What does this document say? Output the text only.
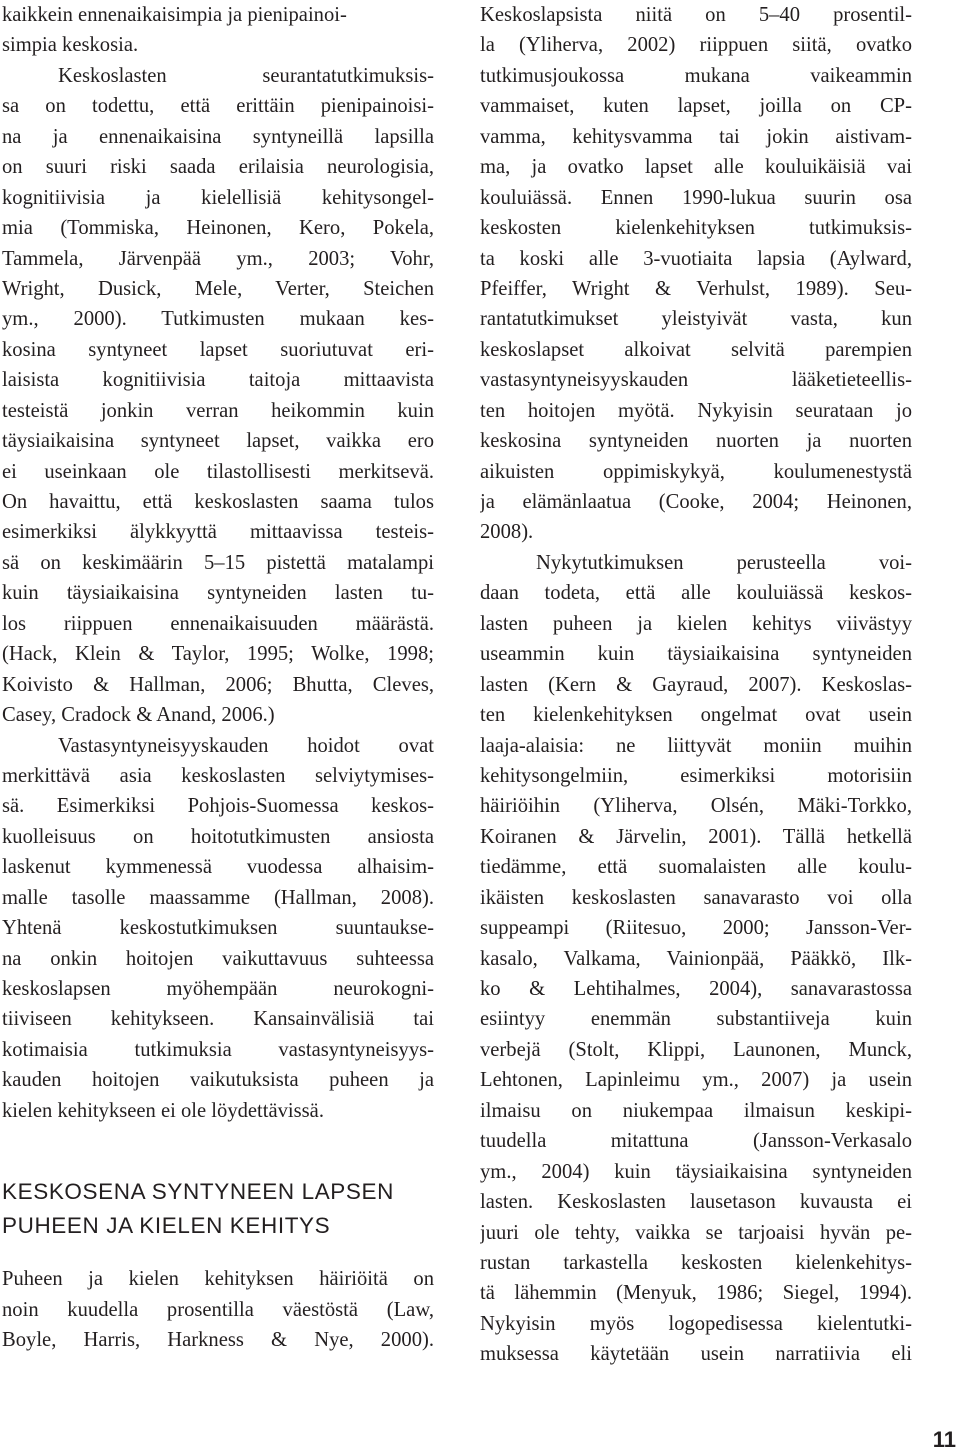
kaikkein ennenaikaisimpia ja pienipainoi-
simpia keskosia.
Keskoslasten seurantatutkimuksis-
sa on todettu, että erittäin pienipainoisi-
na ja ennenaikaisina syntyneillä lapsilla
on suuri riski saada erilaisia neurologisia,
kognitiivisia ja kielellisiä kehitysongel-
mia (Tommiska, Heinonen, Kero, Pokela,
Tammela, Järvenpää ym., 2003; Vohr,
Wright, Dusick, Mele, Verter, Steichen
ym., 2000). Tutkimusten mukaan kes-
kosina syntyneet lapset suoriutuvat eri-
laisista kognitiivisia taitoja mittaavista
testeistä jonkin verran heikommin kuin
täysiaikaisina syntyneet lapset, vaikka ero
ei useinkaan ole tilastollisesti merkitsevä.
On havaittu, että keskoslasten saama tulos
esimerkiksi älykkyyttä mittaavissa testeis-
sä on keskimäärin 5–15 pistettä matalampi
kuin täysiaikaisina syntyneiden lasten tu-
los riippuen ennenaikaisuuden määrästä.
(Hack, Klein & Taylor, 1995; Wolke, 1998;
Koivisto & Hallman, 2006; Bhutta, Cleves,
Casey, Cradock & Anand, 2006.)
Vastasyntyneisyyskauden hoidot ovat
merkittävä asia keskoslasten selviytymises-
sä. Esimerkiksi Pohjois-Suomessa keskos-
kuolleisuus on hoitotutkimusten ansiosta
laskenut kymmenessä vuodessa alhaisim-
malle tasolle maassamme (Hallman, 2008).
Yhtenä keskostutkimuksen suuntaukse-
na onkin hoitojen vaikuttavuus suhteessa
keskoslapsen myöhempään neurokogni-
tiiviseen kehitykseen. Kansainvälisiä tai
kotimaisia tutkimuksia vastasyntyneisyys-
kauden hoitojen vaikutuksista puheen ja
kielen kehitykseen ei ole löydettävissä.
KESKOSENA SYNTYNEEN LAPSEN
PUHEEN JA KIELEN KEHITYS
Puheen ja kielen kehityksen häiriöitä on
noin kuudella prosentilla väestöstä (Law,
Boyle, Harris, Harkness & Nye, 2000).
Keskoslapsista niitä on 5–40 prosentil-
la (Yliherva, 2002) riippuen siitä, ovatko
tutkimusjoukossa mukana vaikeammin
vammaiset, kuten lapset, joilla on CP-
vamma, kehitysvamma tai jokin aistivam-
ma, ja ovatko lapset alle kouluikäisiä vai
kouluiässä. Ennen 1990-lukua suurin osa
keskosten kielenkehityksen tutkimuksis-
ta koski alle 3-vuotiaita lapsia (Aylward,
Pfeiffer, Wright & Verhulst, 1989). Seu-
rantatutkimukset yleistyivät vasta, kun
keskoslapset alkoivat selvitä parempien
vastasyntyneisyyskauden lääketieteellis-
ten hoitojen myötä. Nykyisin seurataan jo
keskosina syntyneiden nuorten ja nuorten
aikuisten oppimiskykyä, koulumenestystä
ja elämänlaatua (Cooke, 2004; Heinonen,
2008).
Nykytutkimuksen perusteella voi-
daan todeta, että alle kouluiässä keskos-
lasten puheen ja kielen kehitys viivästyy
useammin kuin täysiaikaisina syntyneiden
lasten (Kern & Gayraud, 2007). Keskoslas-
ten kielenkehityksen ongelmat ovat usein
laaja-alaisia: ne liittyvät moniin muihin
kehitysongelmiin, esimerkiksi motorisiin
häiriöihin (Yliherva, Olsén, Mäki-Torkko,
Koiranen & Järvelin, 2001). Tällä hetkellä
tiedämme, että suomalaisten alle koulu-
ikäisten keskoslasten sanavarasto voi olla
suppeampi (Riitesuo, 2000; Jansson-Ver-
kasalo, Valkama, Vainionpää, Pääkkö, Ilk-
ko & Lehtihalmes, 2004), sanavarastossa
esiintyy enemmän substantiiveja kuin
verbejä (Stolt, Klippi, Launonen, Munck,
Lehtonen, Lapinleimu ym., 2007) ja usein
ilmaisu on niukempaa ilmaisun keskipi-
tuudella mitattuna (Jansson-Verkasalo
ym., 2004) kuin täysiaikaisina syntyneiden
lasten. Keskoslasten lausetason kuvausta ei
juuri ole tehty, vaikka se tarjoaisi hyvän pe-
rustan tarkastella keskosten kielenkehitys-
tä lähemmin (Menyuk, 1986; Siegel, 1994).
Nykyisin myös logopedisessa kielentutki-
muksessa käytetään usein narratiivia eli
11
